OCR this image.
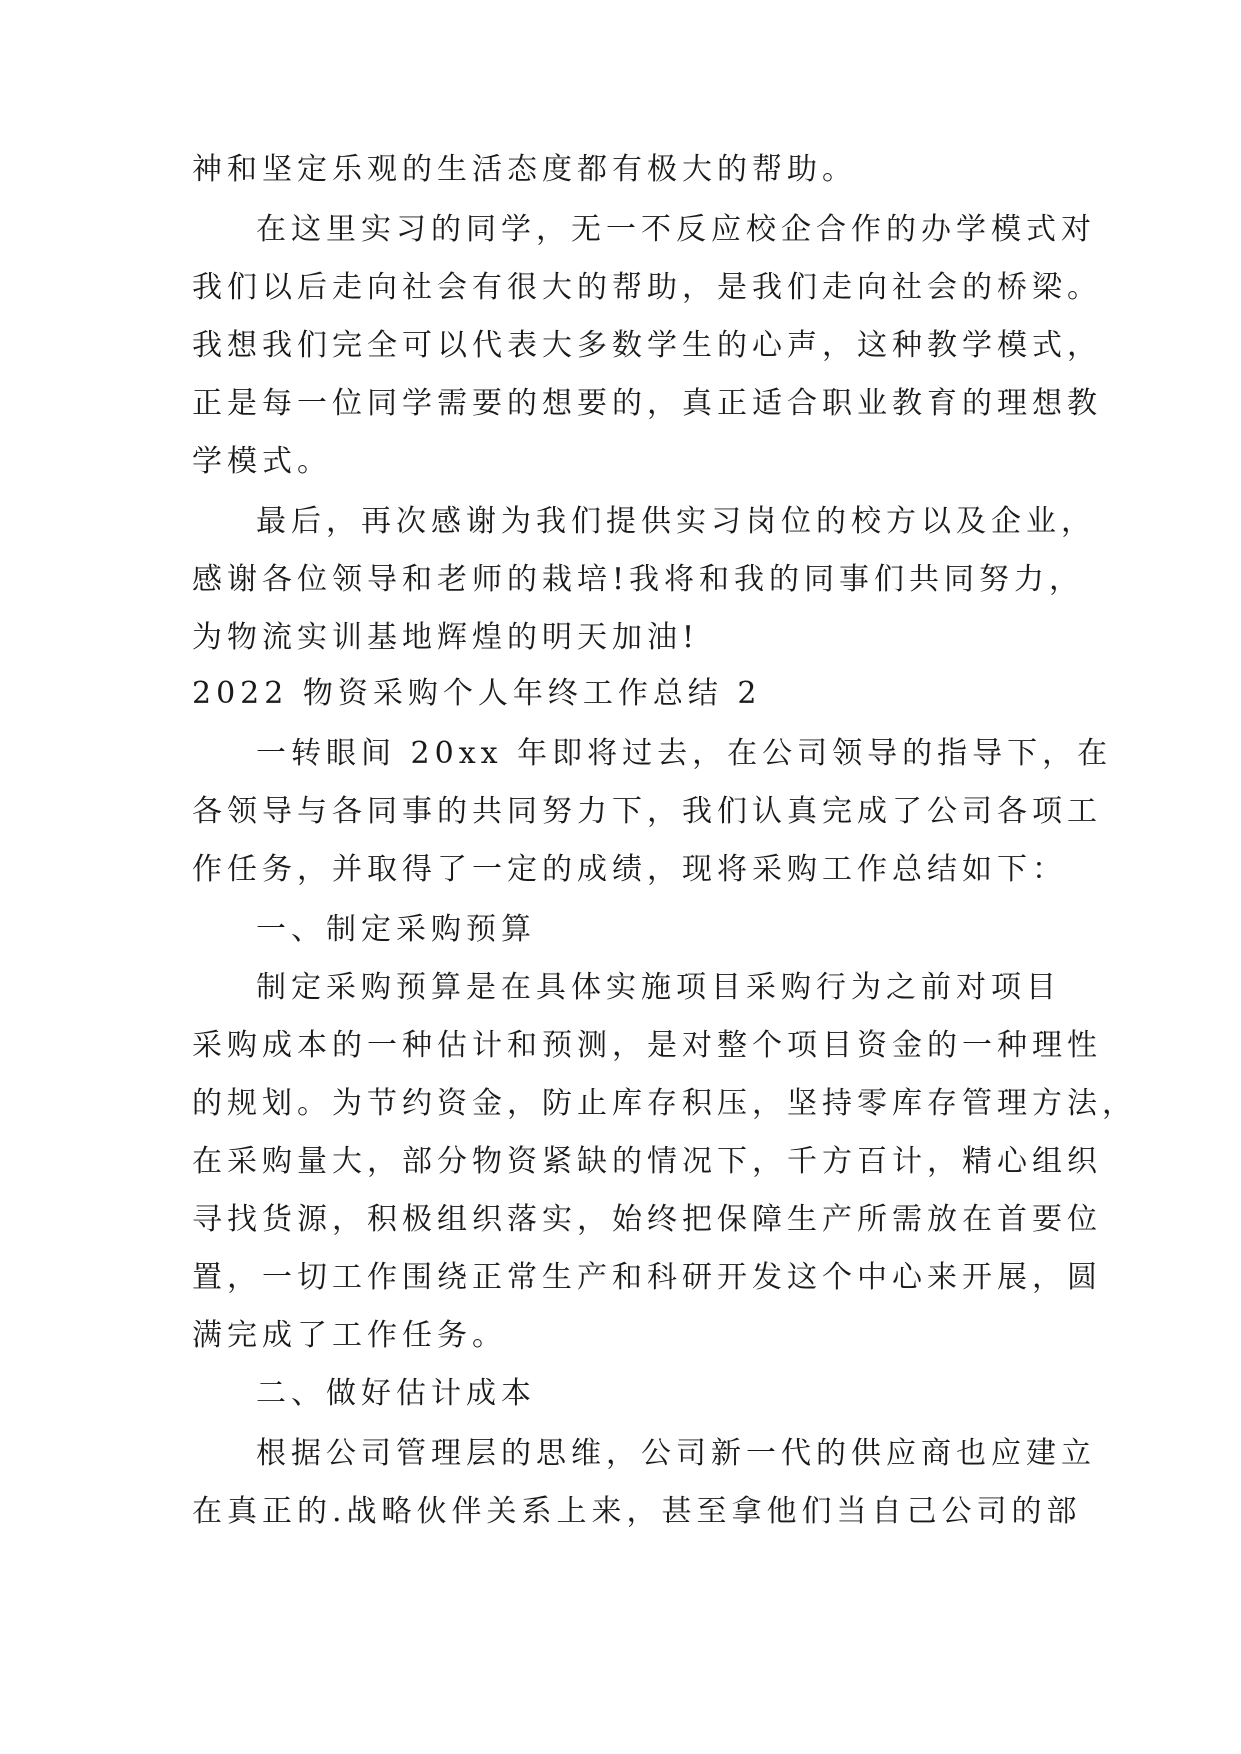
神和坚定乐观的生活态度都有极大的帮助。
在这里实习的同学，无一不反应校企合作的办学模式对
我们以后走向社会有很大的帮助，是我们走向社会的桥梁。
我想我们完全可以代表大多数学生的心声，这种教学模式，
正是每一位同学需要的想要的，真正适合职业教育的理想教
学模式。
最后，再次感谢为我们提供实习岗位的校方以及企业，
感谢各位领导和老师的栽培!我将和我的同事们共同努力，
为物流实训基地辉煌的明天加油!
2022 物资采购个人年终工作总结 2
一转眼间 20xx 年即将过去，在公司领导的指导下，在
各领导与各同事的共同努力下，我们认真完成了公司各项工
作任务，并取得了一定的成绩，现将采购工作总结如下：
一、制定采购预算
制定采购预算是在具体实施项目采购行为之前对项目
采购成本的一种估计和预测，是对整个项目资金的一种理性
的规划。为节约资金，防止库存积压，坚持零库存管理方法，
在采购量大，部分物资紧缺的情况下，千方百计，精心组织
寻找货源，积极组织落实，始终把保障生产所需放在首要位
置，一切工作围绕正常生产和科研开发这个中心来开展，圆
满完成了工作任务。
二、做好估计成本
根据公司管理层的思维，公司新一代的供应商也应建立
在真正的.战略伙伴关系上来，甚至拿他们当自己公司的部
